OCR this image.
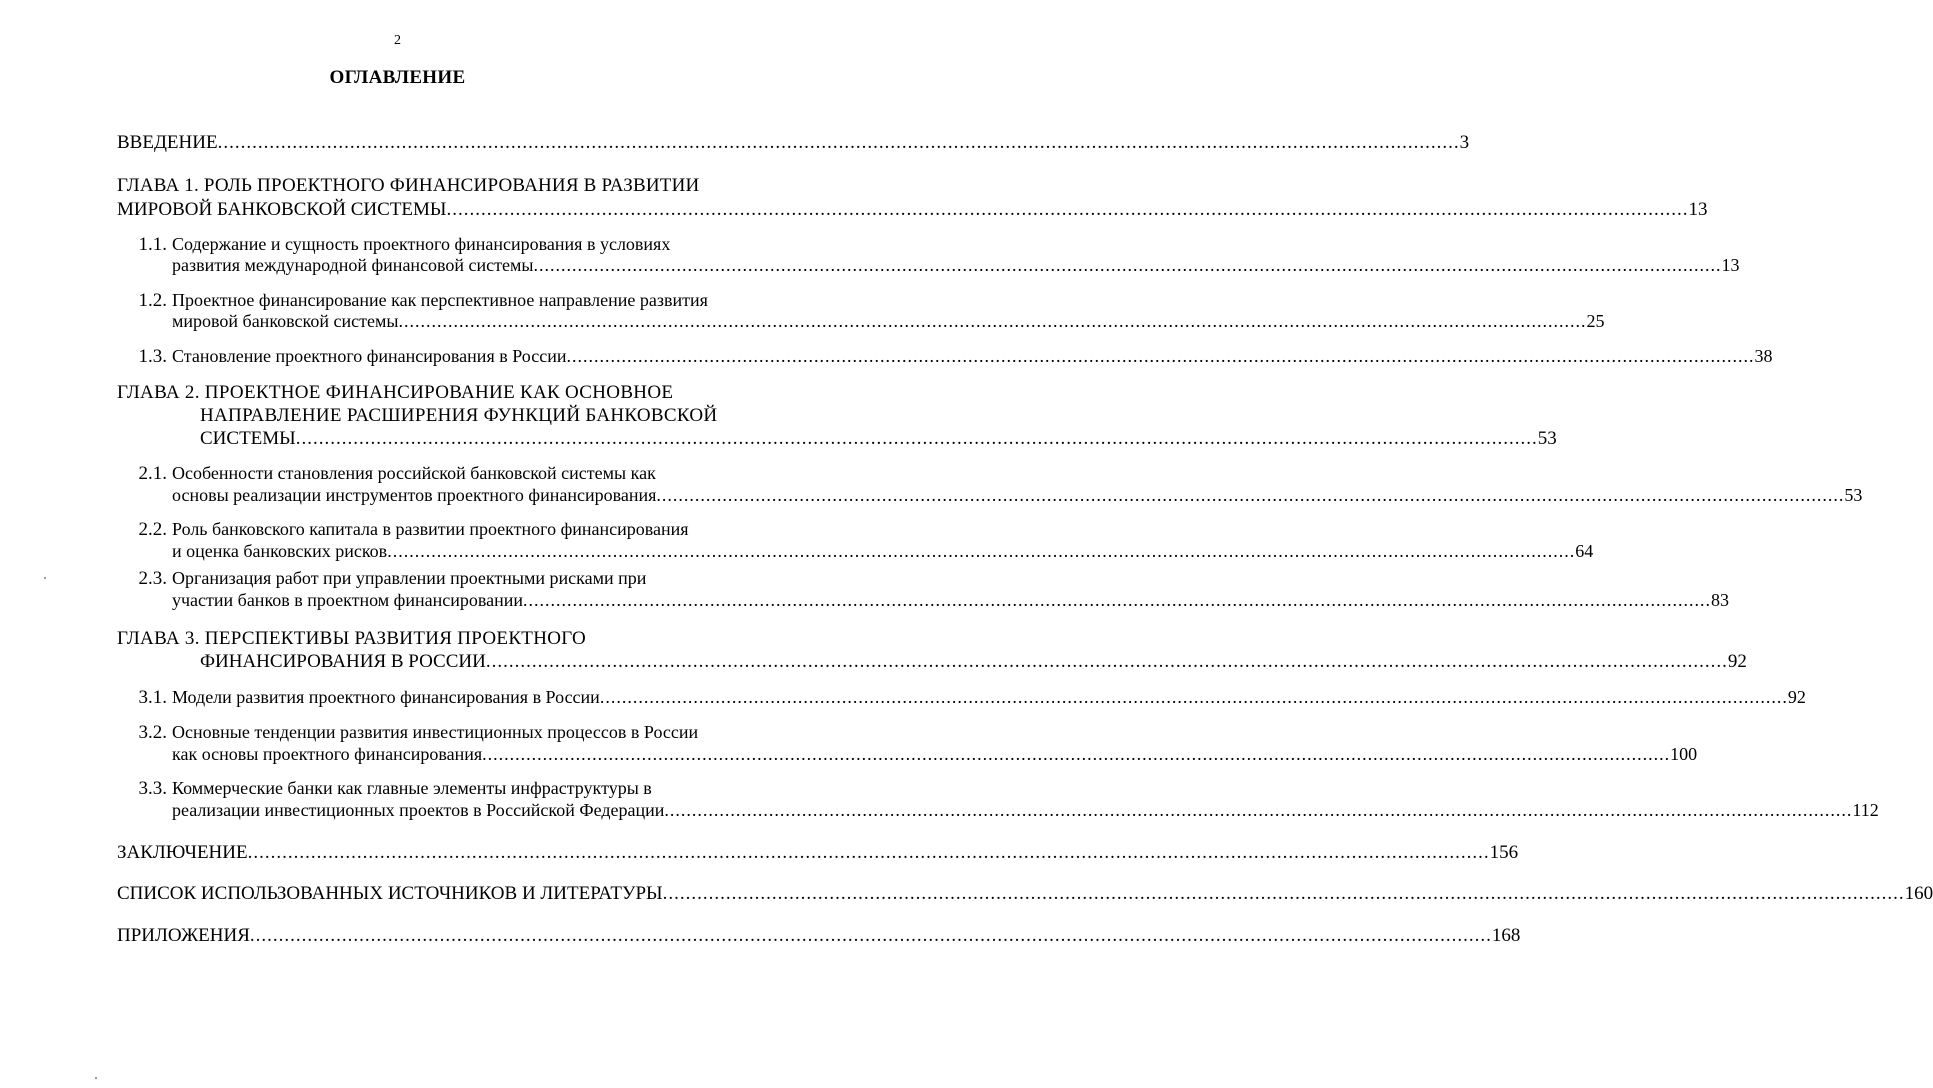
2
ОГЛАВЛЕНИЕ
ВВЕДЕНИЕ .....	3
ГЛАВА 1. РОЛЬ ПРОЕКТНОГО ФИНАНСИРОВАНИЯ В РАЗВИТИИ
МИРОВОЙ БАНКОВСКОЙ СИСТЕМЫ .....	13
1.1. Содержание и сущность проектного финансирования в условиях
развития международной финансовой системы .....	13
1.2. Проектное финансирование как перспективное направление развития
мировой банковской системы .....	25
1.3. Становление проектного финансирования в России .....	38
ГЛАВА 2. ПРОЕКТНОЕ ФИНАНСИРОВАНИЕ КАК ОСНОВНОЕ
НАПРАВЛЕНИЕ РАСШИРЕНИЯ ФУНКЦИЙ БАНКОВСКОЙ
СИСТЕМЫ .....	53
2.1. Особенности становления российской банковской системы как
основы реализации инструментов проектного финансирования .....	53
2.2. Роль банковского капитала в развитии проектного финансирования
и оценка банковских рисков .....	64
2.3. Организация работ при управлении проектными рисками при
участии банков в проектном финансировании .....	83
ГЛАВА 3. ПЕРСПЕКТИВЫ РАЗВИТИЯ ПРОЕКТНОГО
ФИНАНСИРОВАНИЯ В РОССИИ .....	92
3.1. Модели развития проектного финансирования в России .....	92
3.2. Основные тенденции развития инвестиционных процессов в России
как основы проектного финансирования .....	100
3.3. Коммерческие банки как главные элементы инфраструктуры в
реализации инвестиционных проектов в Российской Федерации .....	112
ЗАКЛЮЧЕНИЕ .....	156
СПИСОК ИСПОЛЬЗОВАННЫХ ИСТОЧНИКОВ И ЛИТЕРАТУРЫ .....	160
ПРИЛОЖЕНИЯ .....	168
